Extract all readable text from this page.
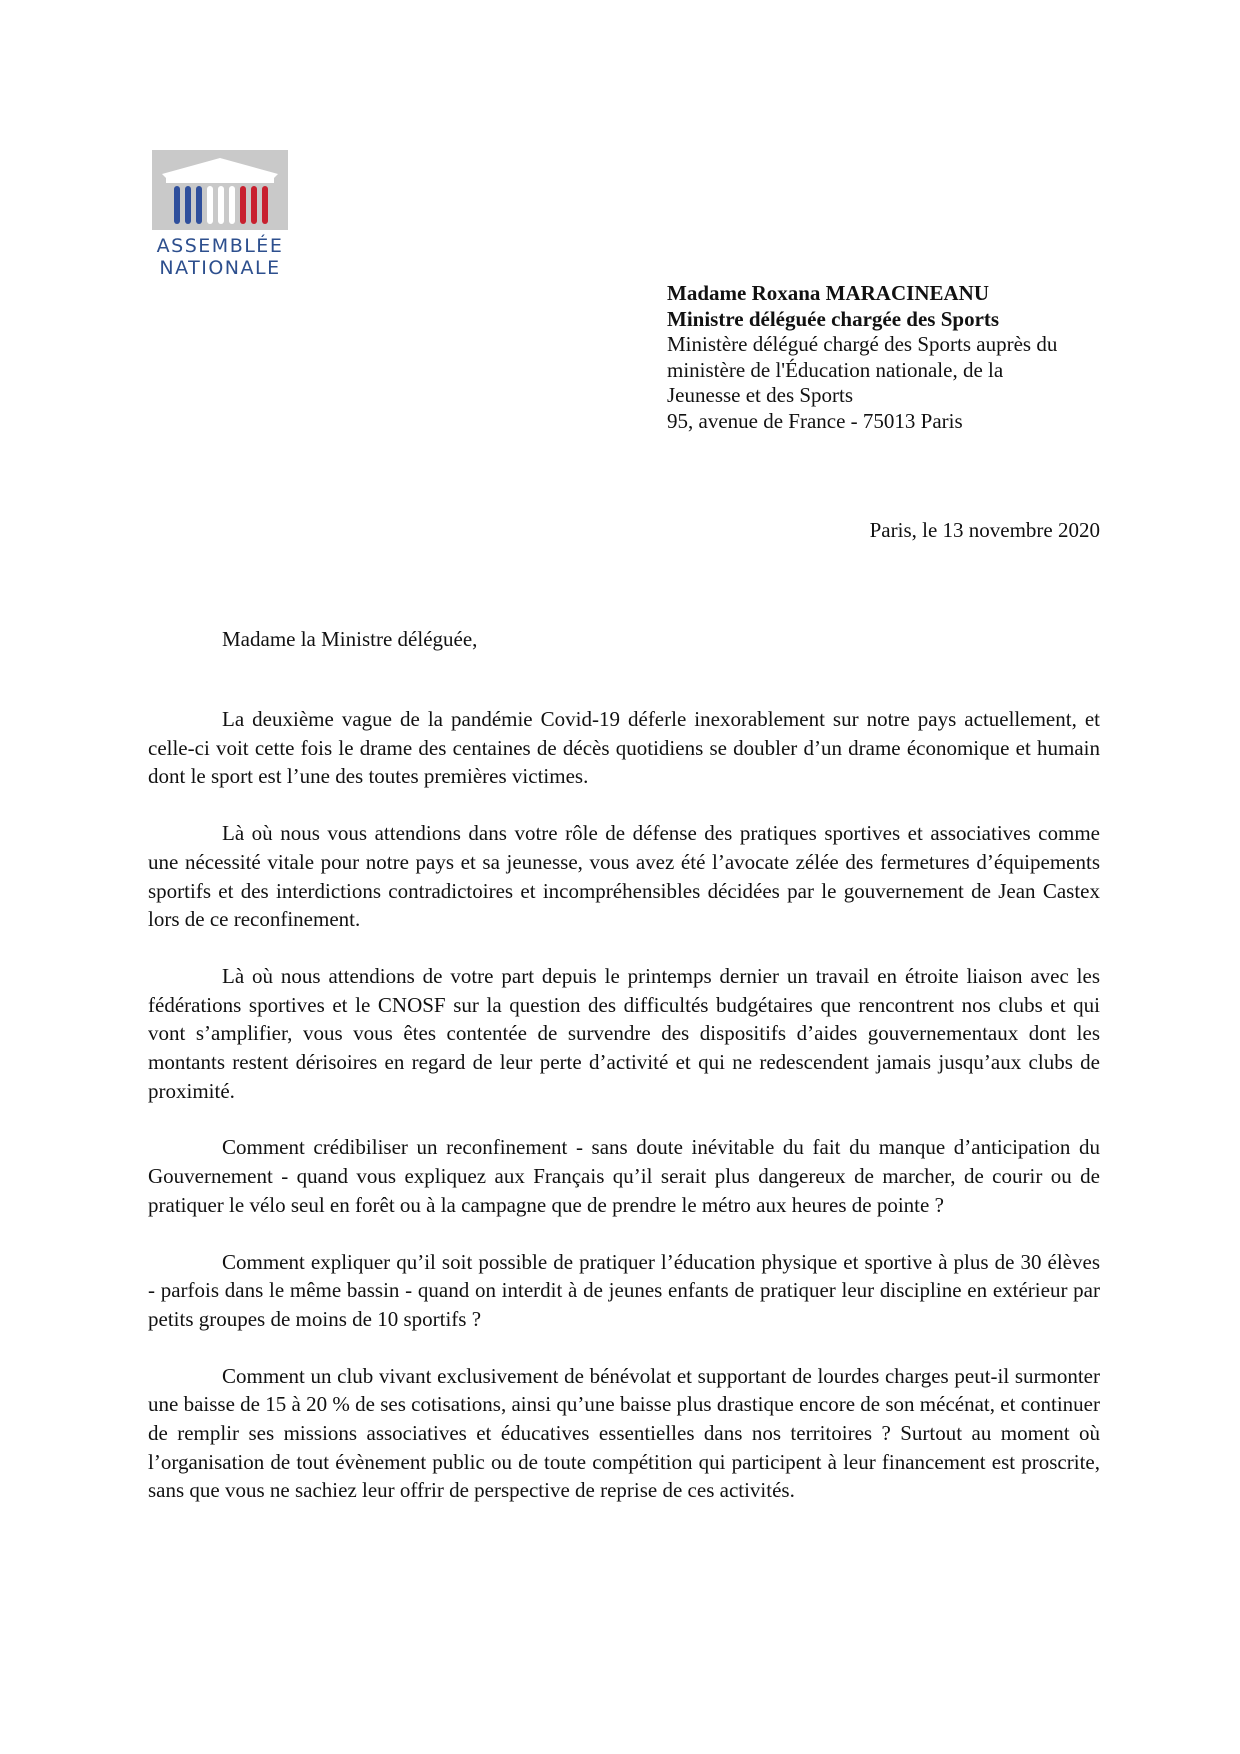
ASSEMBLÉE
NATIONALE
Madame Roxana MARACINEANU
Ministre déléguée chargée des Sports
Ministère délégué chargé des Sports auprès du
ministère de l'Éducation nationale, de la
Jeunesse et des Sports
95, avenue de France - 75013 Paris
Paris, le 13 novembre 2020
Madame la Ministre déléguée,

La deuxième vague de la pandémie Covid-19 déferle inexorablement sur notre pays actuellement, et celle-ci voit cette fois le drame des centaines de décès quotidiens se doubler d’un drame économique et humain dont le sport est l’une des toutes premières victimes.

Là où nous vous attendions dans votre rôle de défense des pratiques sportives et associatives comme une nécessité vitale pour notre pays et sa jeunesse, vous avez été l’avocate zélée des fermetures d’équipements sportifs et des interdictions contradictoires et incompréhensibles décidées par le gouvernement de Jean Castex lors de ce reconfinement.

Là où nous attendions de votre part depuis le printemps dernier un travail en étroite liaison avec les fédérations sportives et le CNOSF sur la question des difficultés budgétaires que rencontrent nos clubs et qui vont s’amplifier, vous vous êtes contentée de survendre des dispositifs d’aides gouvernementaux dont les montants restent dérisoires en regard de leur perte d’activité et qui ne redescendent jamais jusqu’aux clubs de proximité.

Comment crédibiliser un reconfinement - sans doute inévitable du fait du manque d’anticipation du Gouvernement - quand vous expliquez aux Français qu’il serait plus dangereux de marcher, de courir ou de pratiquer le vélo seul en forêt ou à la campagne que de prendre le métro aux heures de pointe ?

Comment expliquer qu’il soit possible de pratiquer l’éducation physique et sportive à plus de 30 élèves - parfois dans le même bassin - quand on interdit à de jeunes enfants de pratiquer leur discipline en extérieur par petits groupes de moins de 10 sportifs ?

Comment un club vivant exclusivement de bénévolat et supportant de lourdes charges peut-il surmonter une baisse de 15 à 20 % de ses cotisations, ainsi qu’une baisse plus drastique encore de son mécénat, et continuer de remplir ses missions associatives et éducatives essentielles dans nos territoires ? Surtout au moment où l’organisation de tout évènement public ou de toute compétition qui participent à leur financement est proscrite, sans que vous ne sachiez leur offrir de perspective de reprise de ces activités.
